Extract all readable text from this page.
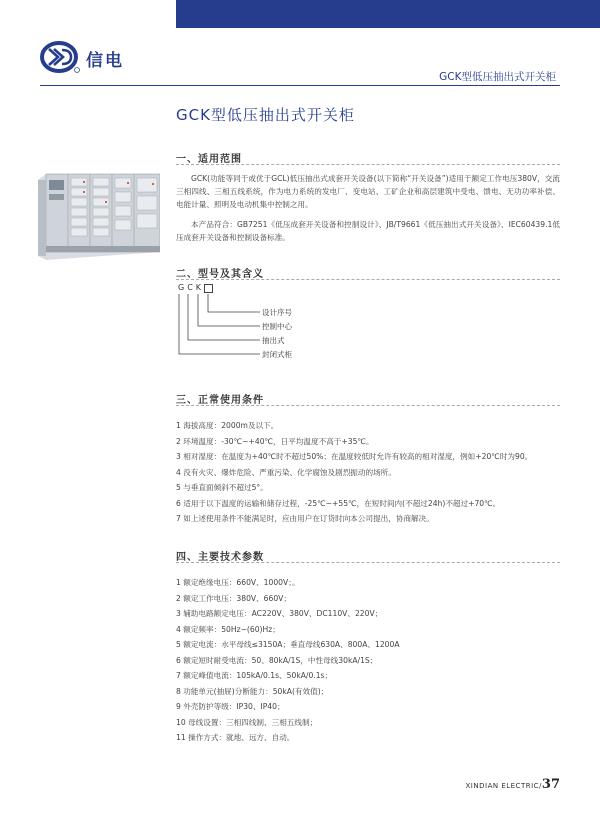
信电
GCK型低压抽出式开关柜
GCK型低压抽出式开关柜
一、适用范围

GCK(功能等同于或优于GCL)低压抽出式成套开关设备(以下简称“开关设备”)适用于额定工作电压380V，交流三相四线、三相五线系统，作为电力系统的发电厂、变电站、工矿企业和高层建筑中受电、馈电、无功功率补偿、电能计量、照明及电动机集中控制之用。

本产品符合：GB7251《低压成套开关设备和控制设计》、JB/T9661《低压抽出式开关设备》、IEC60439.1低压成套开关设备和控制设备标准。

二、型号及其含义
GCK
设计序号
控制中心
抽出式
封闭式柜
三、正常使用条件
1 海拔高度：2000m及以下。
2 环境温度：-30℃~+40℃，日平均温度不高于+35℃。
3 相对湿度：在温度为+40℃时不超过50%；在温度较低时允许有较高的相对湿度，例如+20℃时为90。
4 没有火灾、爆炸危险、严重污染、化学腐蚀及剧烈振动的场所。
5 与垂直面倾斜不超过5°。
6 适用于以下温度的运输和储存过程，-25℃~+55℃，在短时间内(不超过24h)不超过+70℃。
7 如上述使用条件不能满足时，应由用户在订货时向本公司提出，协商解决。
四、主要技术参数
1 额定绝缘电压：660V、1000V；。
2 额定工作电压：380V、660V；
3 辅助电路额定电压：AC220V、380V、DC110V、220V；
4 额定频率：50Hz~(60)Hz；
5 额定电流：水平母线≤3150A；垂直母线630A、800A、1200A
6 额定短时耐受电流：50、80kA/1S，中性母线30kA/1S；
7 额定峰值电流：105kA/0.1s、50kA/0.1s；
8 功能单元(抽屉)分断能力：50kA(有效值)；
9 外壳防护等级：IP30、IP40；
10 母线设置：三相四线制、三相五线制；
11 操作方式：就地、远方、自动。
XINDIAN ELECTRIC/37
